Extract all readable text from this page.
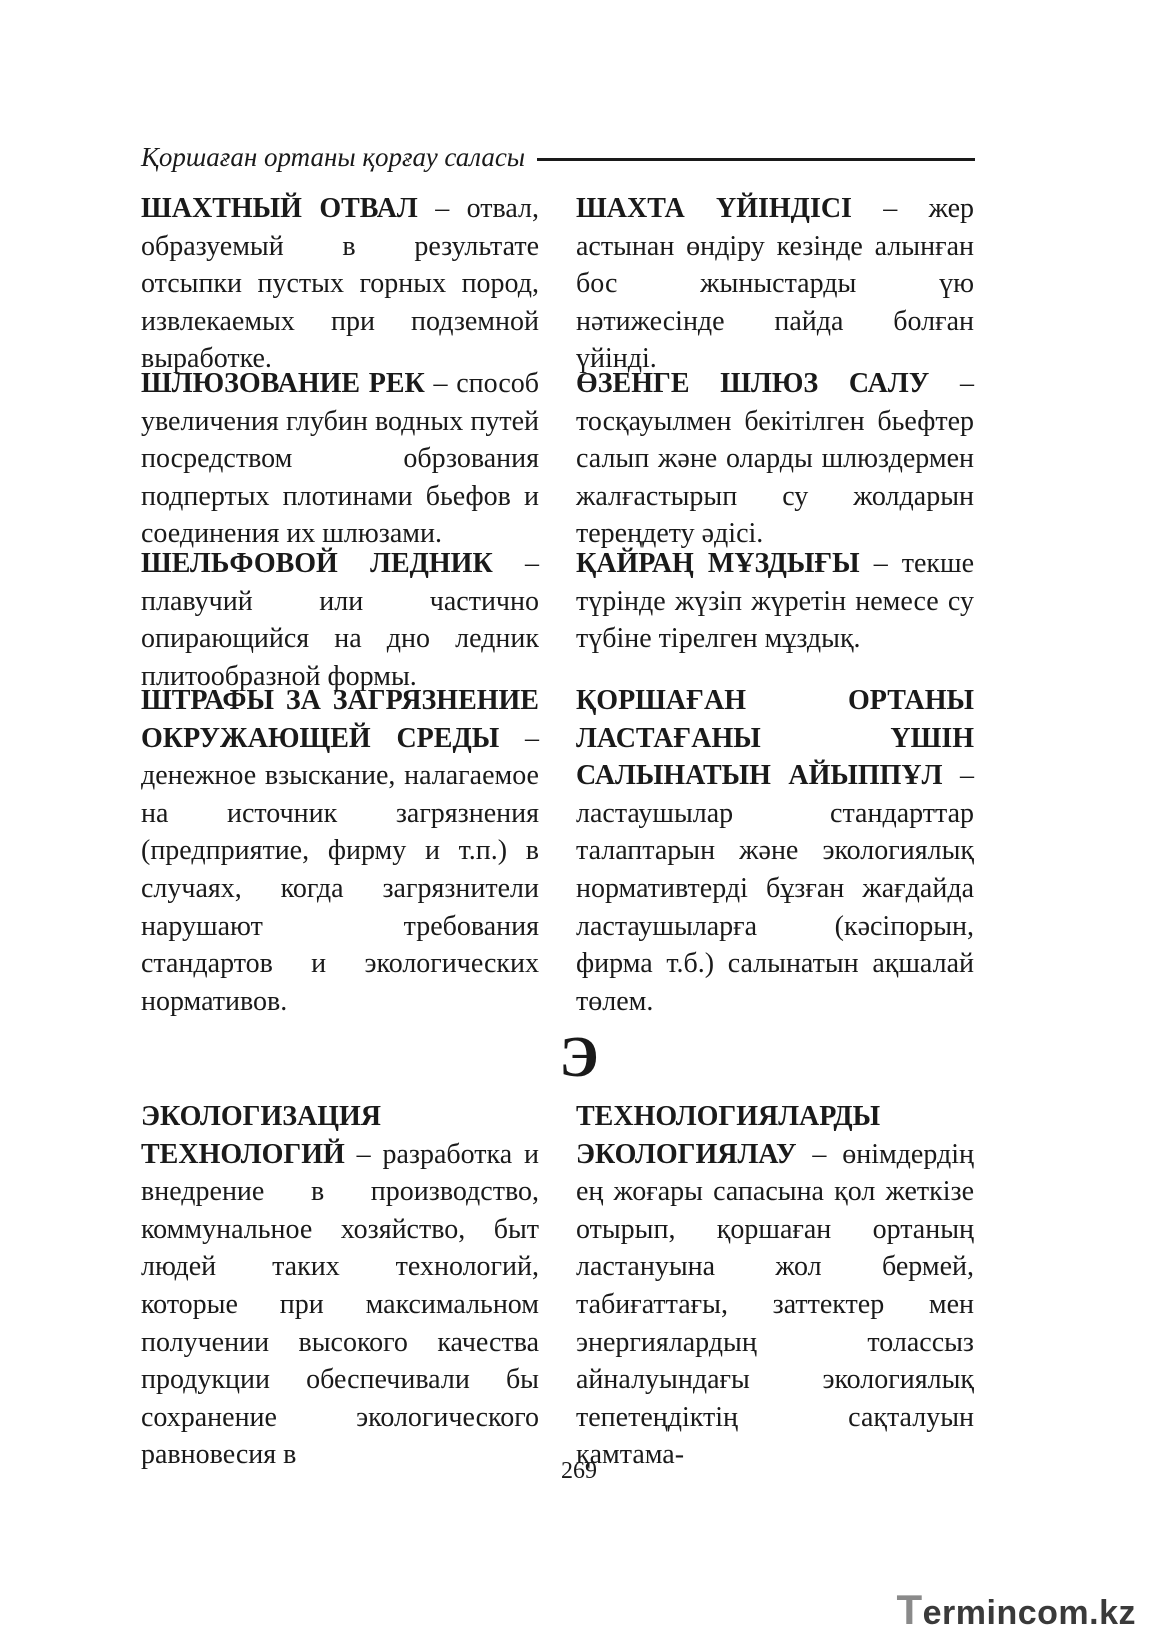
Қоршаған ортаны қорғау саласы

ШАХТНЫЙ ОТВАЛ – отвал, образуемый в результате отсыпки пустых горных пород, извлекаемых при подземной выработке.

ШЛЮЗОВАНИЕ РЕК – способ увеличения глубин водных путей посредством обрзования подпертых плотинами бьефов и соединения их шлюзами.

ШЕЛЬФОВОЙ ЛЕДНИК – плавучий или частично опирающийся на дно ледник плитообразной формы.

ШТРАФЫ ЗА ЗАГРЯЗНЕНИЕ ОКРУЖАЮЩЕЙ СРЕДЫ – денежное взыскание, налагаемое на источник загрязнения (предприятие, фирму и т.п.) в случаях, когда загрязнители нарушают требования стандартов и экологических нормативов.

ШАХТА ҮЙІНДІСІ – жер астынан өндіру кезінде алынған бос жыныстарды үю нәтижесінде пайда болған үйінді.

ӨЗЕНГЕ ШЛЮЗ САЛУ – тосқауылмен бекітілген бьефтер салып және оларды шлюздермен жалғастырып су жолдарын тереңдету әдісі.

ҚАЙРАҢ МҰЗДЫҒЫ – текше түрінде жүзіп жүретін немесе су түбіне тірелген мұздық.

ҚОРШАҒАН ОРТАНЫ ЛАСТАҒАНЫ ҮШІН САЛЫНАТЫН АЙЫППҰЛ – ластаушылар стандарттар талаптарын және экологиялық нормативтерді бұзған жағдайда ластаушыларға (кәсіпорын, фирма т.б.) салынатын ақшалай төлем.

Э

ЭКОЛОГИЗАЦИЯ ТЕХНОЛОГИЙ – разработка и внедрение в производство, коммунальное хозяйство, быт людей таких технологий, которые при максимальном получении высокого качества продукции обеспечивали бы сохранение экологического равновесия в

ТЕХНОЛОГИЯЛАРДЫ ЭКОЛОГИЯЛАУ – өнімдердің ең жоғары сапасына қол жеткізе отырып, қоршаған ортаның ластануына жол бермей, табиғаттағы, заттектер мен энергиялардың толассыз айналуындағы экологиялық тепетеңдіктің сақталуын қамтама-

269
T erminc o m.kz
